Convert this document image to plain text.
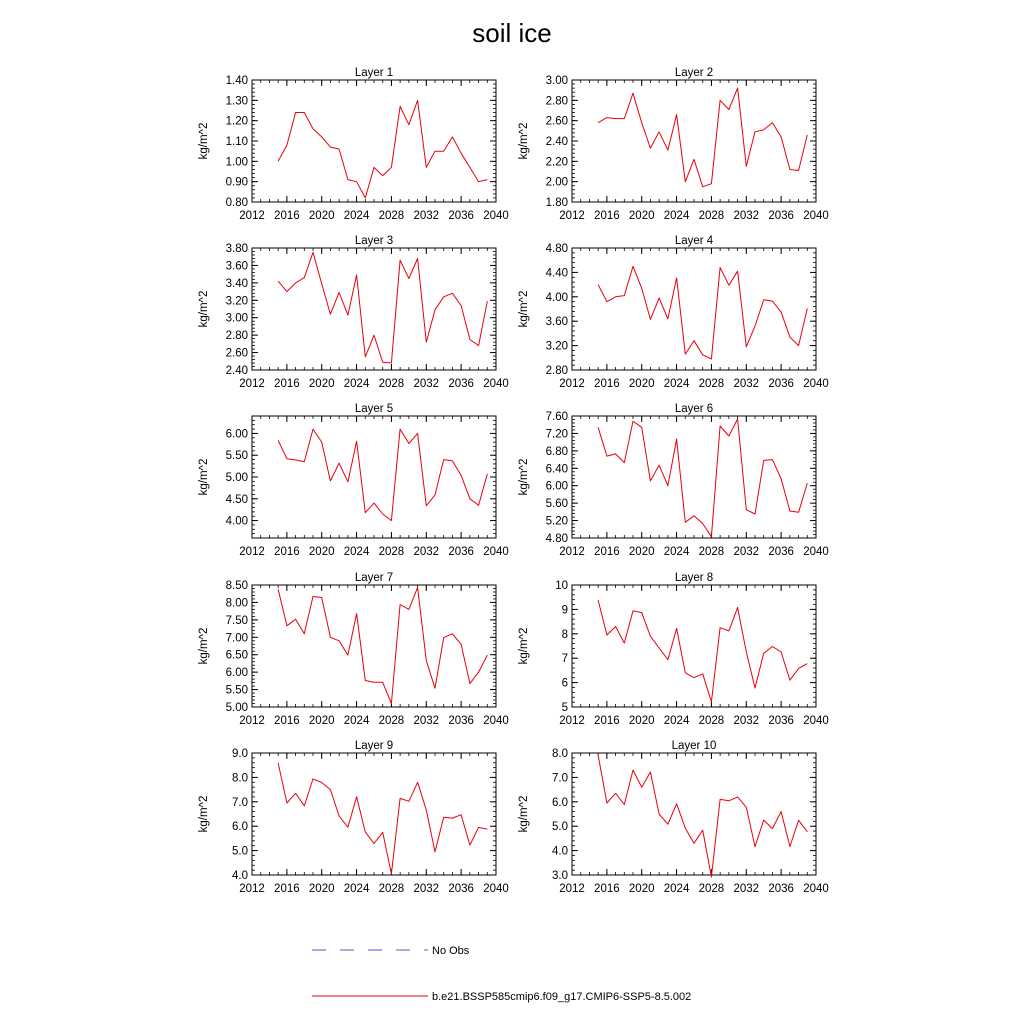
soil ice
Layer 1
kg/m^2
2012 2016 2020 2024 2028 2032 2036 2040
0.80
0.90
1.00
1.10
1.20
1.30
1.40
Layer 2
kg/m^2
2012 2016 2020 2024 2028 2032 2036 2040
1.80
2.00
2.20
2.40
2.60
2.80
3.00
Layer 3
kg/m^2
2012 2016 2020 2024 2028 2032 2036 2040
2.40
2.60
2.80
3.00
3.20
3.40
3.60
3.80
Layer 4
kg/m^2
2012 2016 2020 2024 2028 2032 2036 2040
2.80
3.20
3.60
4.00
4.40
4.80
Layer 5
kg/m^2
2012 2016 2020 2024 2028 2032 2036 2040
4.00
4.50
5.00
5.50
6.00
Layer 6
kg/m^2
2012 2016 2020 2024 2028 2032 2036 2040
4.80
5.20
5.60
6.00
6.40
6.80
7.20
7.60
Layer 7
kg/m^2
2012 2016 2020 2024 2028 2032 2036 2040
5.00
5.50
6.00
6.50
7.00
7.50
8.00
8.50
Layer 8
kg/m^2
2012 2016 2020 2024 2028 2032 2036 2040
5
6
7
8
9
10
Layer 9
kg/m^2
2012 2016 2020 2024 2028 2032 2036 2040
4.0
5.0
6.0
7.0
8.0
9.0
Layer 10
kg/m^2
2012 2016 2020 2024 2028 2032 2036 2040
3.0
4.0
5.0
6.0
7.0
8.0
No Obs
b.e21.BSSP585cmip6.f09_g17.CMIP6-SSP5-8.5.002
